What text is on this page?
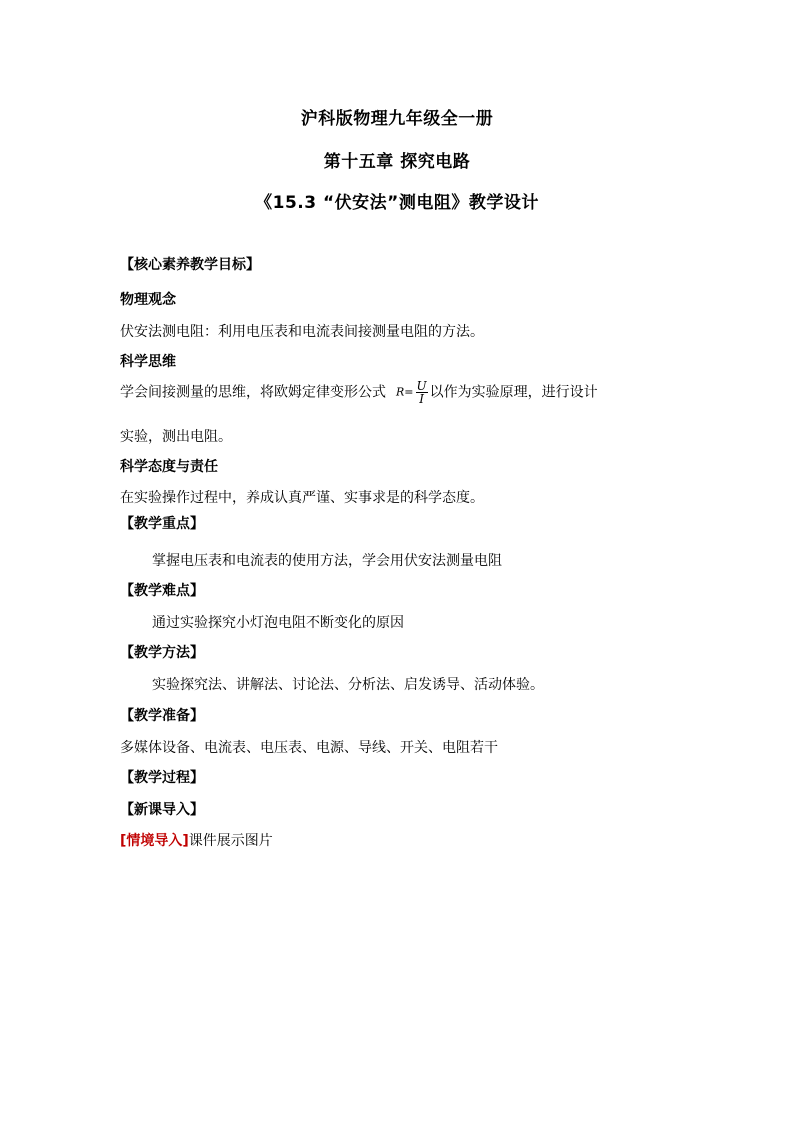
沪科版物理九年级全一册
第十五章 探究电路
《15.3 “伏安法”测电阻》教学设计
【核心素养教学目标】
物理观念
伏安法测电阻：利用电压表和电流表间接测量电阻的方法。
科学思维
学会间接测量的思维，将欧姆定律变形公式 $R= \frac{U}{I}$ 以作为实验原理，进行设计
实验，测出电阻。
科学态度与责任
在实验操作过程中，养成认真严谨、实事求是的科学态度。
【教学重点】
掌握电压表和电流表的使用方法，学会用伏安法测量电阻
【教学难点】
通过实验探究小灯泡电阻不断变化的原因
【教学方法】
实验探究法、讲解法、讨论法、分析法、启发诱导、活动体验。
【教学准备】
多媒体设备、电流表、电压表、电源、导线、开关、电阻若干
【教学过程】
【新课导入】
[情境导入]课件展示图片
